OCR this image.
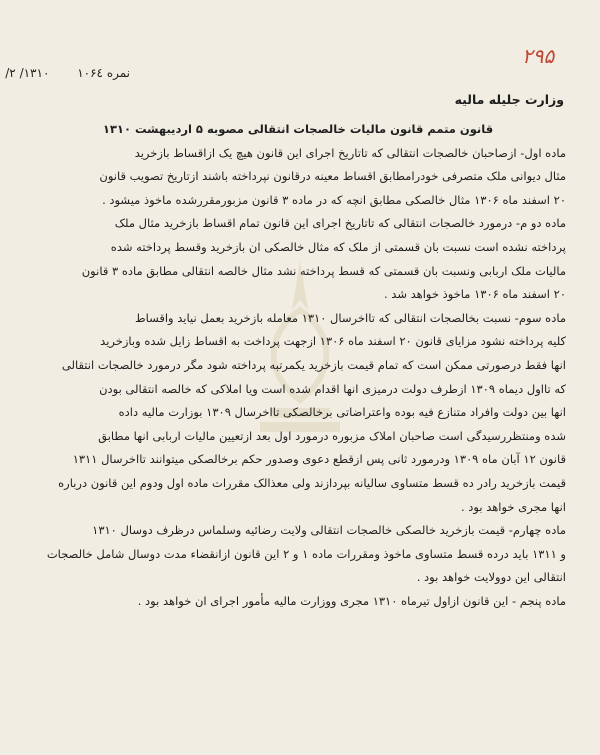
۲۹۵
نمره ۱۰۶٤ ۱۳۱۰/ ۲/
وزارت جلیله مالیه

قانون متمم قانون مالیات خالصجات انتقالی مصوبه ۵ اردیبهشت ۱۳۱۰

ماده اول- ازصاحبان خالصجات انتقالی که تاتاریخ اجرای این قانون هیچ یک ازاقساط بازخرید
مثال دیوانی ملک متصرفی خودرامطابق اقساط معینه درقانون نپرداخته باشند ازتاریخ تصویب قانون
۲۰ اسفند ماه ۱۳۰۶ مثال خالصکی مطابق انچه که در ماده ۳ قانون مزبورمقررشده ماخوذ میشود .
ماده دو م- درمورد خالصجات انتقالی که تاتاریخ اجرای این قانون تمام اقساط بازخرید مثال ملک
پرداخته نشده است نسبت بان قسمتی از ملک که مثال خالصکی ان بازخرید وقسط پرداخته شده
مالیات ملک اربابی ونسبت بان قسمتی که قسط پرداخته نشد مثال خالصه انتقالی مطابق ماده ۳ قانون
۲۰ اسفند ماه ۱۳۰۶ ماخوذ خواهد شد .
ماده سوم- نسبت بخالصجات انتقالی که تااخرسال ۱۳۱۰ معامله بازخرید بعمل نیاید واقساط
کلیه پرداخته نشود مزایای قانون ۲۰ اسفند ماه ۱۳۰۶ ازجهت پرداخت به اقساط زایل شده وبازخرید
انها فقط درصورتی ممکن است که تمام قیمت بازخرید یکمرتبه پرداخته شود مگر درمورد خالصجات انتقالی
که تااول دیماه ۱۳۰۹ ازطرف دولت درمیزی انها اقدام شده است ویا املاکی که خالصه انتقالی بودن
انها بین دولت وافراد متنازع فیه بوده واعتراضاتی برخالصکی تااخرسال ۱۳۰۹ بوزارت مالیه داده
شده ومنتظررسیدگی است صاحبان املاک مزبوره درمورد اول بعد ازتعیین مالیات اربابی انها مطابق
قانون ۱۲ آبان ماه ۱۳۰۹ ودرمورد ثانی پس ازقطع دعوی وصدور حکم برخالصکی میتوانند تااخرسال ۱۳۱۱
قیمت بازخرید رادر ده قسط متساوی سالیانه بپردازند ولی معذالک مقررات ماده اول ودوم این قانون درباره
انها مجری خواهد بود .
ماده چهارم- قیمت بازخرید خالصکی خالصجات انتقالی ولایت رضائیه وسلماس درظرف دوسال ۱۳۱۰
و ۱۳۱۱ باید درده قسط متساوی ماخوذ ومقررات ماده ۱ و ۲ این قانون ازانقضاء مدت دوسال شامل خالصجات
انتقالی این دوولایت خواهد بود .
ماده پنجم - این قانون ازاول تیرماه ۱۳۱۰ مجری ووزارت مالیه مأمور اجرای ان خواهد بود .
